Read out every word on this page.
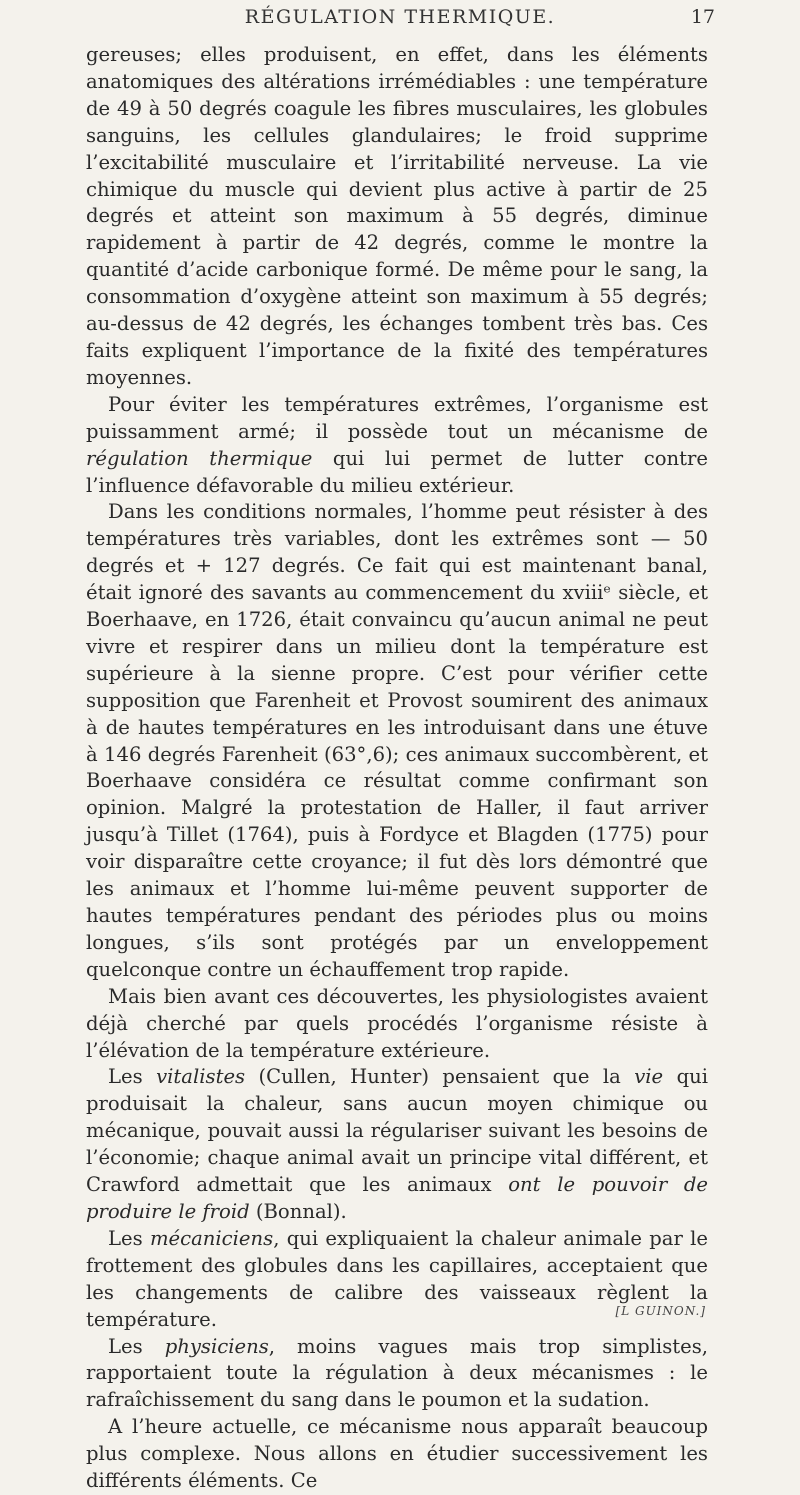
RÉGULATION THERMIQUE.	17

gereuses; elles produisent, en effet, dans les éléments anatomiques des altérations irrémédiables : une température de 49 à 50 degrés coagule les fibres musculaires, les globules sanguins, les cellules glandulaires; le froid supprime l’excitabilité musculaire et l’irritabilité nerveuse. La vie chimique du muscle qui devient plus active à partir de 25 degrés et atteint son maximum à 55 degrés, diminue rapidement à partir de 42 degrés, comme le montre la quantité d’acide carbonique formé. De même pour le sang, la consommation d’oxygène atteint son maximum à 55 degrés; au-dessus de 42 degrés, les échanges tombent très bas. Ces faits expliquent l’importance de la fixité des températures moyennes.

Pour éviter les températures extrêmes, l’organisme est puissamment armé; il possède tout un mécanisme de régulation thermique qui lui permet de lutter contre l’influence défavorable du milieu extérieur.

Dans les conditions normales, l’homme peut résister à des températures très variables, dont les extrêmes sont — 50 degrés et + 127 degrés. Ce fait qui est maintenant banal, était ignoré des savants au commencement du xviiiᵉ siècle, et Boerhaave, en 1726, était convaincu qu’aucun animal ne peut vivre et respirer dans un milieu dont la température est supérieure à la sienne propre. C’est pour vérifier cette supposition que Farenheit et Provost soumirent des animaux à de hautes températures en les introduisant dans une étuve à 146 degrés Farenheit (63°,6); ces animaux succombèrent, et Boerhaave considéra ce résultat comme confirmant son opinion. Malgré la protestation de Haller, il faut arriver jusqu’à Tillet (1764), puis à Fordyce et Blagden (1775) pour voir disparaître cette croyance; il fut dès lors démontré que les animaux et l’homme lui-même peuvent supporter de hautes températures pendant des périodes plus ou moins longues, s’ils sont protégés par un enveloppement quelconque contre un échauffement trop rapide.

Mais bien avant ces découvertes, les physiologistes avaient déjà cherché par quels procédés l’organisme résiste à l’élévation de la température extérieure.

Les vitalistes (Cullen, Hunter) pensaient que la vie qui produisait la chaleur, sans aucun moyen chimique ou mécanique, pouvait aussi la régulariser suivant les besoins de l’économie; chaque animal avait un principe vital différent, et Crawford admettait que les animaux ont le pouvoir de produire le froid (Bonnal).

Les mécaniciens, qui expliquaient la chaleur animale par le frottement des globules dans les capillaires, acceptaient que les changements de calibre des vaisseaux règlent la température.

Les physiciens, moins vagues mais trop simplistes, rapportaient toute la régulation à deux mécanismes : le rafraîchissement du sang dans le poumon et la sudation.

A l’heure actuelle, ce mécanisme nous apparaît beaucoup plus complexe. Nous allons en étudier successivement les différents éléments. Ce

[L GUINON.]
